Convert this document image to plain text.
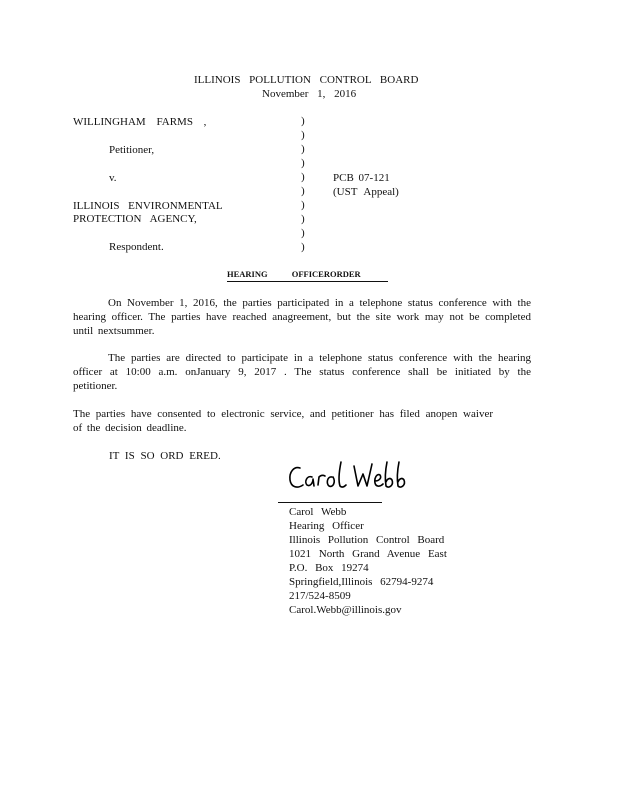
ILLINOIS POLLUTION CONTROL BOARD
November 1, 2016
WILLINGHAM FARMS ,
Petitioner,
v.
ILLINOIS ENVIRONMENTAL
PROTECTION AGENCY,
Respondent.
)
)
)
)
)
)
)
)
)
)
PCB 07-121
(UST Appeal)
HEARING OFFICERORDER
On November 1, 2016, the parties participated in a telephone status conference with the hearing officer. The parties have reached anagreement, but the site work may not be completed until nextsummer.
The parties are directed to participate in a telephone status conference with the hearing officer at 10:00 a.m. onJanuary 9, 2017 . The status conference shall be initiated by the petitioner.
The parties have consented to electronic service, and petitioner has filed anopen waiver of the decision deadline.
IT IS SO ORD ERED.
Carol Webb
Hearing Officer
Illinois Pollution Control Board
1021 North Grand Avenue East
P.O. Box 19274
Springfield,Illinois 62794-9274
217/524-8509
Carol.Webb@illinois.gov
